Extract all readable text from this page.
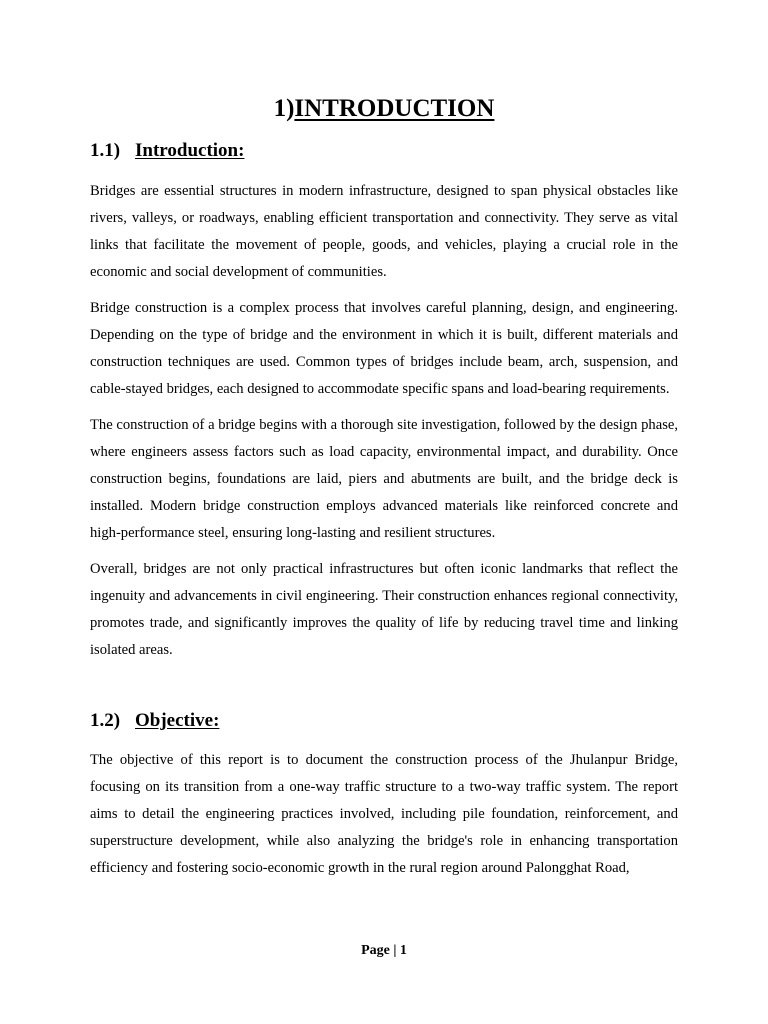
1)INTRODUCTION
1.1) Introduction:

Bridges are essential structures in modern infrastructure, designed to span physical obstacles like rivers, valleys, or roadways, enabling efficient transportation and connectivity. They serve as vital links that facilitate the movement of people, goods, and vehicles, playing a crucial role in the economic and social development of communities.

Bridge construction is a complex process that involves careful planning, design, and engineering. Depending on the type of bridge and the environment in which it is built, different materials and construction techniques are used. Common types of bridges include beam, arch, suspension, and cable-stayed bridges, each designed to accommodate specific spans and load-bearing requirements.

The construction of a bridge begins with a thorough site investigation, followed by the design phase, where engineers assess factors such as load capacity, environmental impact, and durability. Once construction begins, foundations are laid, piers and abutments are built, and the bridge deck is installed. Modern bridge construction employs advanced materials like reinforced concrete and high-performance steel, ensuring long-lasting and resilient structures.

Overall, bridges are not only practical infrastructures but often iconic landmarks that reflect the ingenuity and advancements in civil engineering. Their construction enhances regional connectivity, promotes trade, and significantly improves the quality of life by reducing travel time and linking isolated areas.

1.2) Objective:

The objective of this report is to document the construction process of the Jhulanpur Bridge, focusing on its transition from a one-way traffic structure to a two-way traffic system. The report aims to detail the engineering practices involved, including pile foundation, reinforcement, and superstructure development, while also analyzing the bridge's role in enhancing transportation efficiency and fostering socio-economic growth in the rural region around Palongghat Road,

Page | 1
